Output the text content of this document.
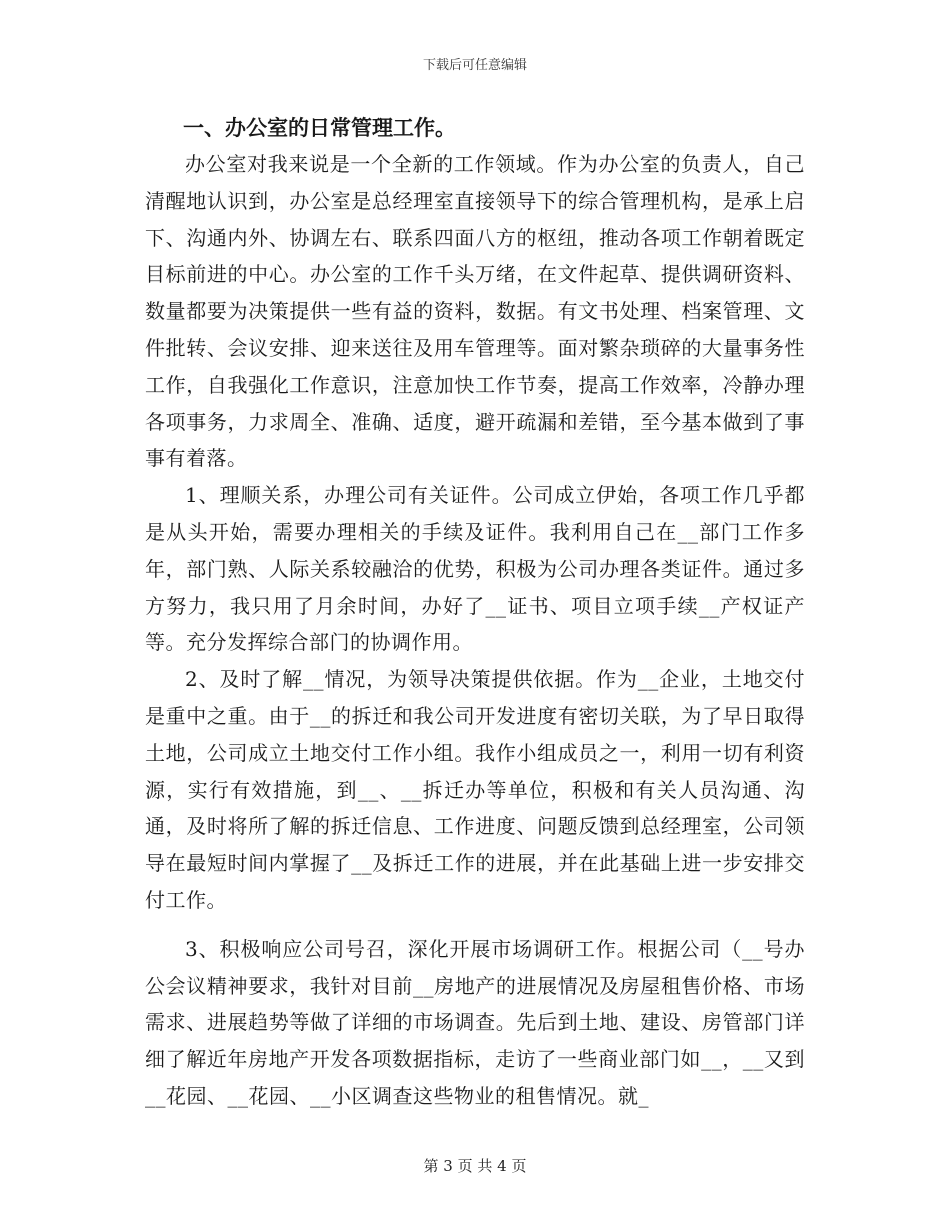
下载后可任意编辑
一、办公室的日常管理工作。

办公室对我来说是一个全新的工作领域。作为办公室的负责人，自己清醒地认识到，办公室是总经理室直接领导下的综合管理机构，是承上启下、沟通内外、协调左右、联系四面八方的枢纽，推动各项工作朝着既定目标前进的中心。办公室的工作千头万绪，在文件起草、提供调研资料、数量都要为决策提供一些有益的资料，数据。有文书处理、档案管理、文件批转、会议安排、迎来送往及用车管理等。面对繁杂琐碎的大量事务性工作，自我强化工作意识，注意加快工作节奏，提高工作效率，冷静办理各项事务，力求周全、准确、适度，避开疏漏和差错，至今基本做到了事事有着落。

1、理顺关系，办理公司有关证件。公司成立伊始，各项工作几乎都是从头开始，需要办理相关的手续及证件。我利用自己在__部门工作多年，部门熟、人际关系较融洽的优势，积极为公司办理各类证件。通过多方努力，我只用了月余时间，办好了__证书、项目立项手续__产权证产等。充分发挥综合部门的协调作用。

2、及时了解__情况，为领导决策提供依据。作为__企业，土地交付是重中之重。由于__的拆迁和我公司开发进度有密切关联，为了早日取得土地，公司成立土地交付工作小组。我作小组成员之一，利用一切有利资源，实行有效措施，到__、__拆迁办等单位，积极和有关人员沟通、沟通，及时将所了解的拆迁信息、工作进度、问题反馈到总经理室，公司领导在最短时间内掌握了__及拆迁工作的进展，并在此基础上进一步安排交付工作。

3、积极响应公司号召，深化开展市场调研工作。根据公司（__号办公会议精神要求，我针对目前__房地产的进展情况及房屋租售价格、市场需求、进展趋势等做了详细的市场调查。先后到土地、建设、房管部门详细了解近年房地产开发各项数据指标，走访了一些商业部门如__，__又到__花园、__花园、__小区调查这些物业的租售情况。就_

第 3 页 共 4 页
